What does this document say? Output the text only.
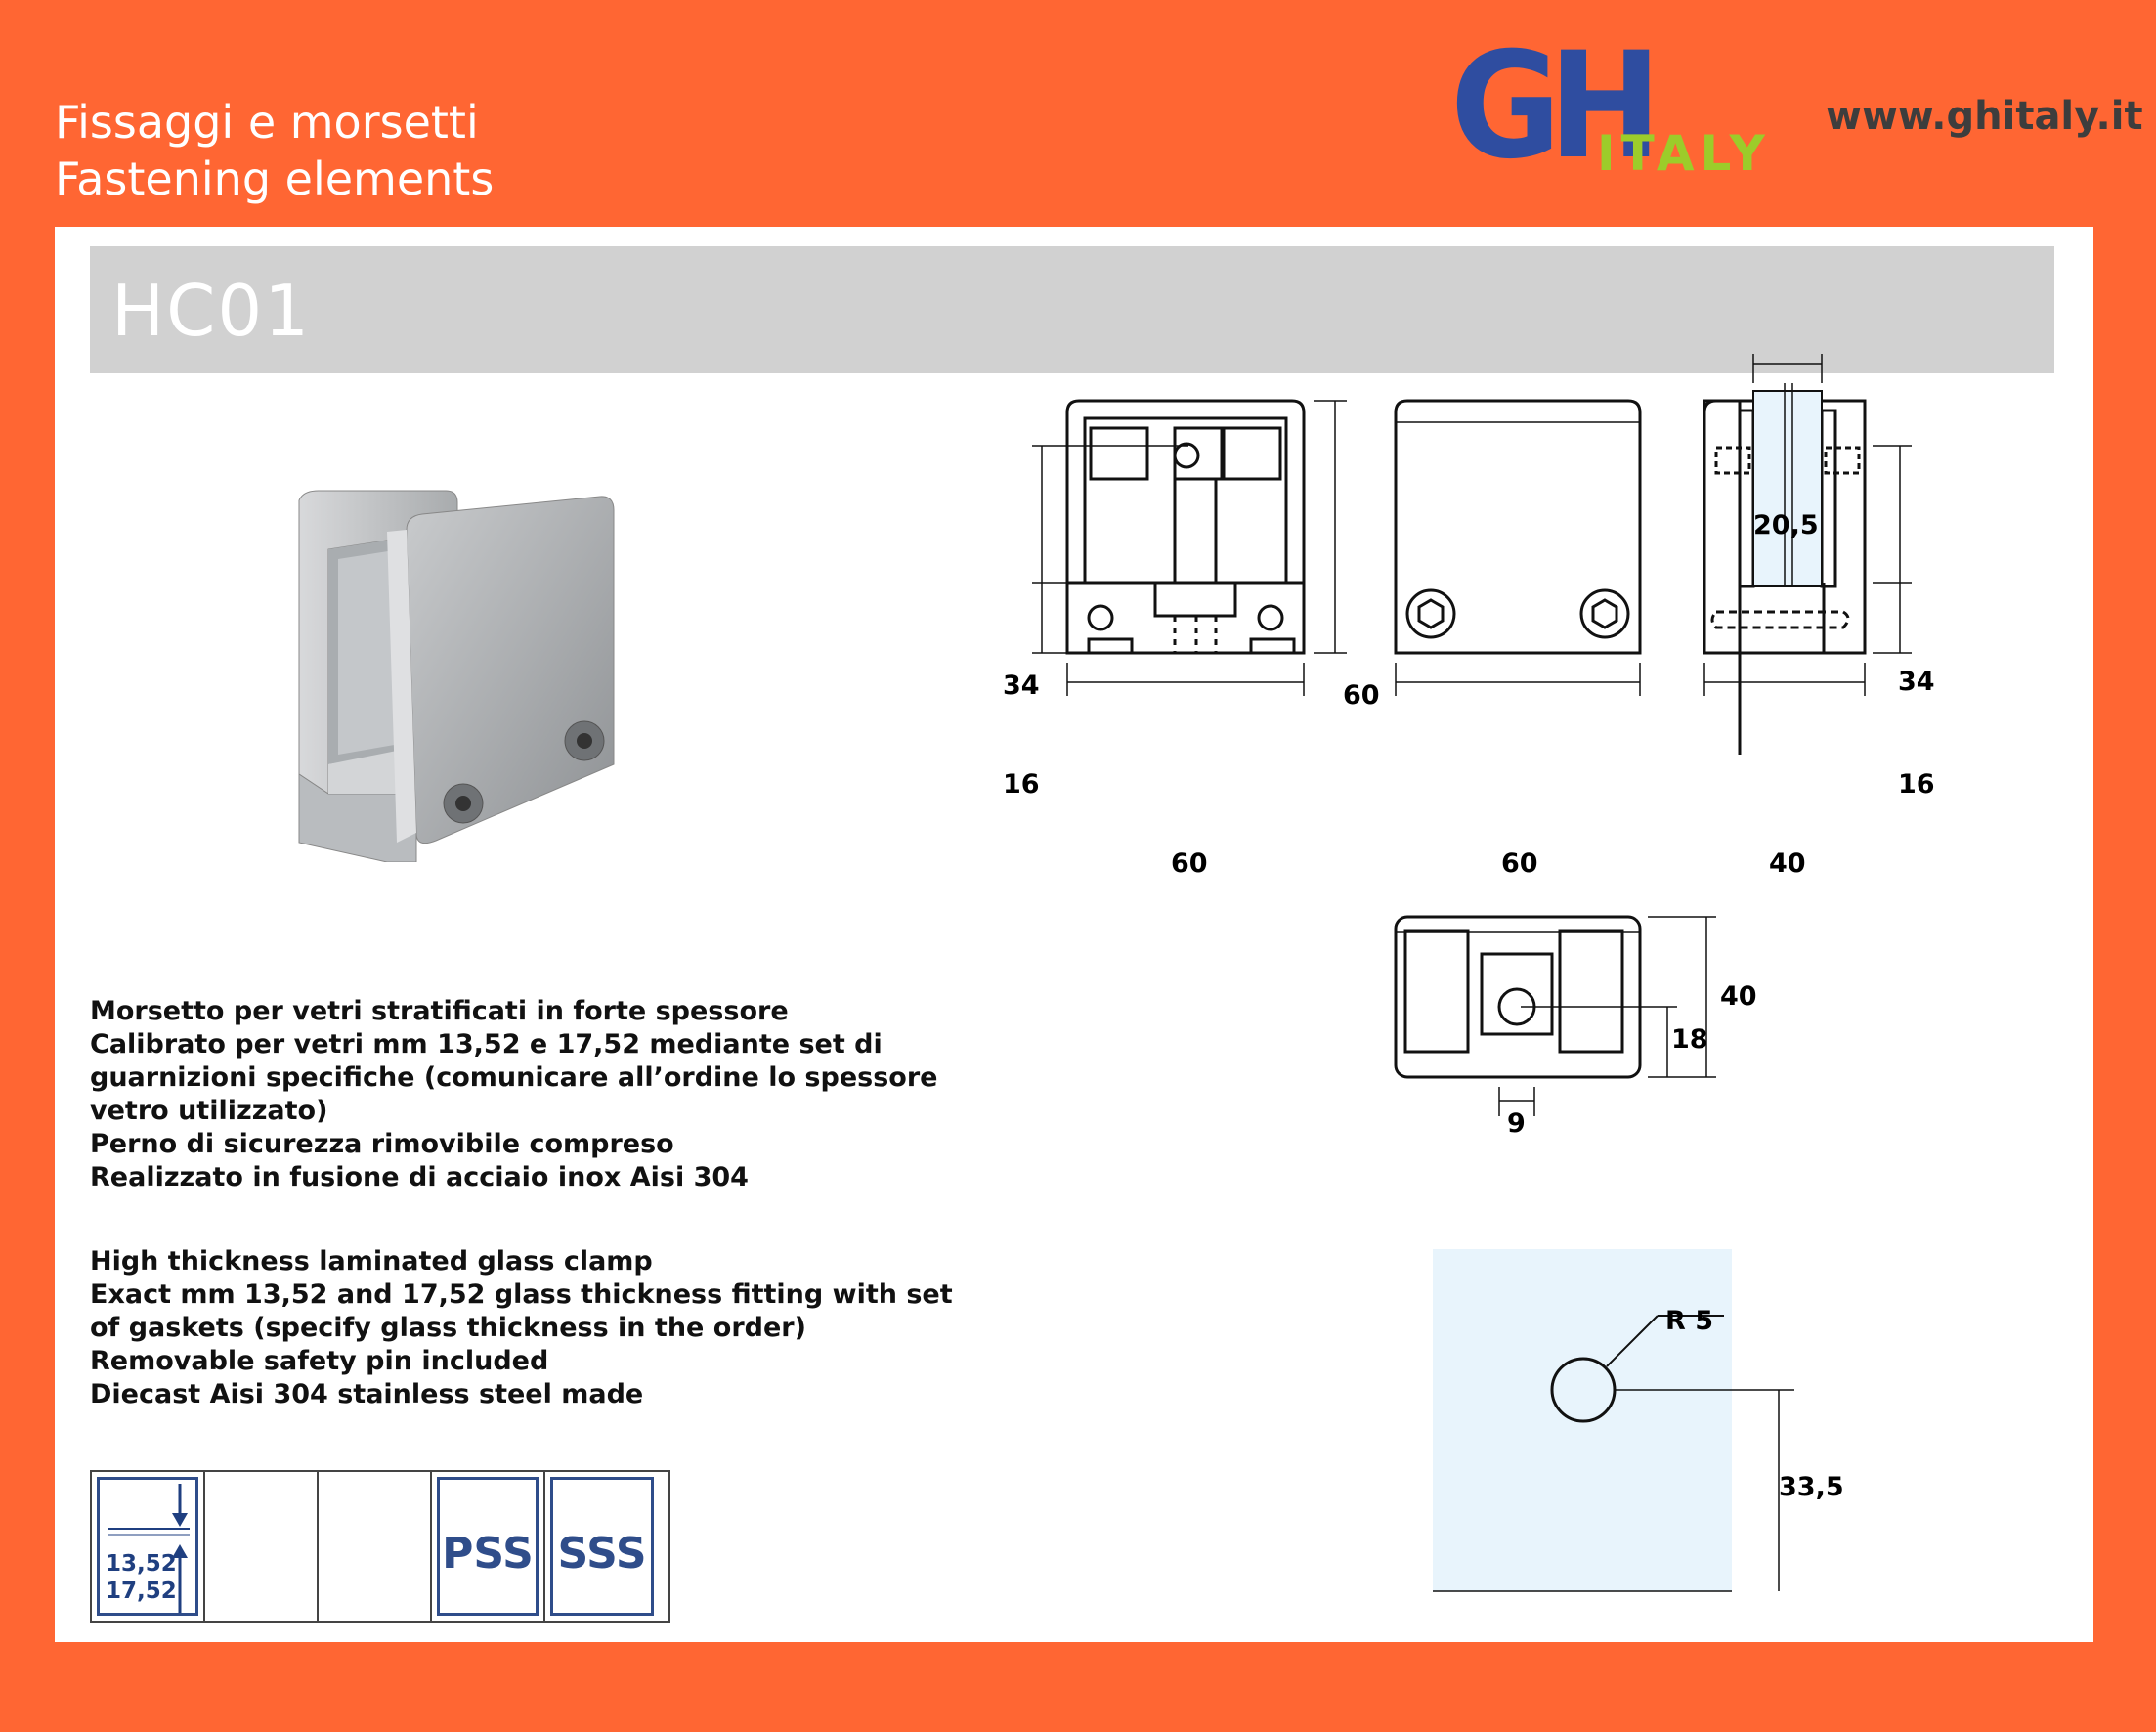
Fissaggi e morsetti
Fastening elements	GH
ITALY
www.ghitaly.it
HC01
34
16
60
60	60
20,5
34
16
40
40
18
9
R 5
33,5
Morsetto per vetri stratificati in forte spessore
Calibrato per vetri mm 13,52 e 17,52 mediante set di
guarnizioni specifiche (comunicare all’ordine lo spessore
vetro utilizzato)
Perno di sicurezza rimovibile compreso
Realizzato in fusione di acciaio inox Aisi 304
High thickness laminated glass clamp
Exact mm 13,52 and 17,52 glass thickness fitting with set
of gaskets (specify glass thickness in the order)
Removable safety pin included
Diecast Aisi 304 stainless steel made
13,52
17,52
PSS SSS
